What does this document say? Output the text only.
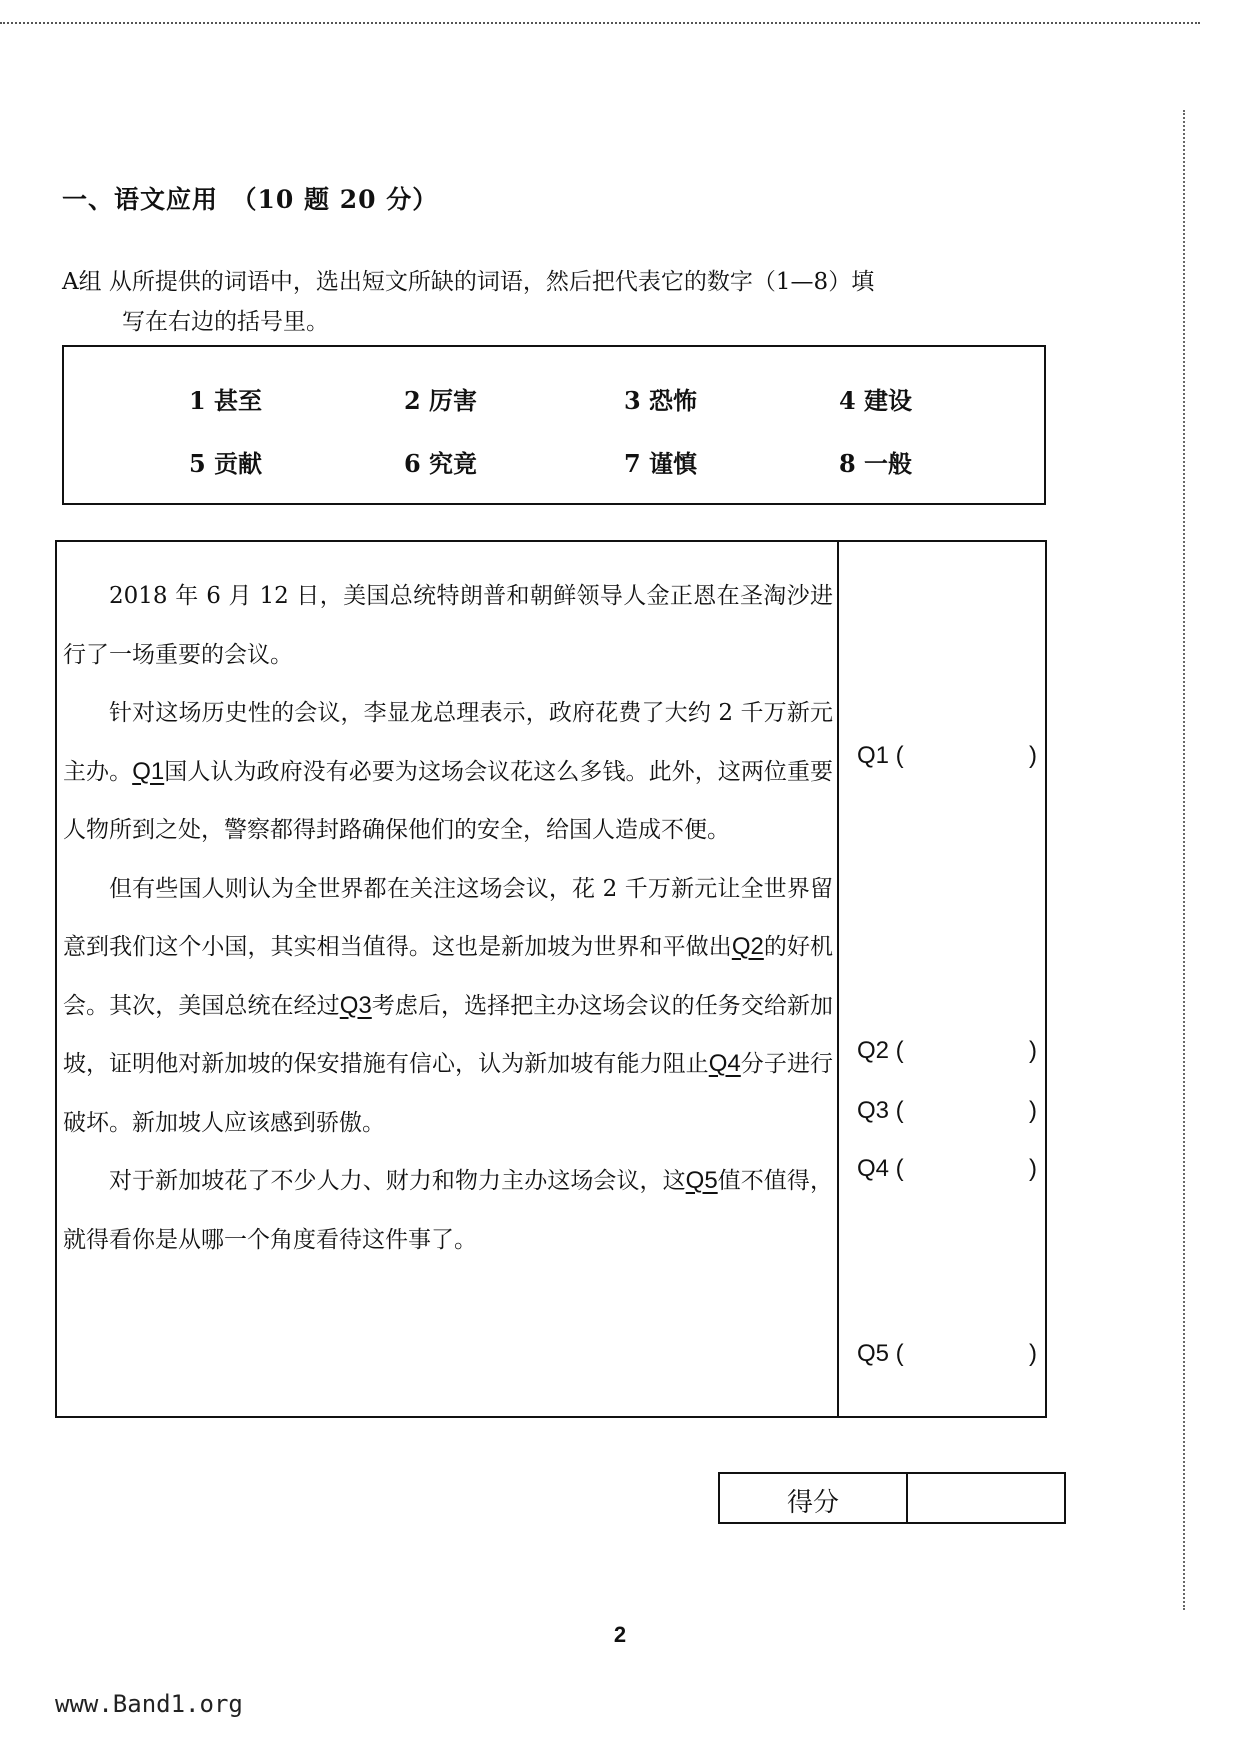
一、语文应用　（10 题 20 分）
A组 从所提供的词语中，选出短文所缺的词语，然后把代表它的数字（1—8）填
写在右边的括号里。
1 甚至	2 厉害	3 恐怖	4 建设
5 贡献	6 究竟	7 谨慎	8 一般

2018 年 6 月 12 日，美国总统特朗普和朝鲜领导人金正恩在圣淘沙进行了一场重要的会议。

针对这场历史性的会议，李显龙总理表示，政府花费了大约 2 千万新元主办。Q1国人认为政府没有必要为这场会议花这么多钱。此外，这两位重要人物所到之处，警察都得封路确保他们的安全，给国人造成不便。

但有些国人则认为全世界都在关注这场会议，花 2 千万新元让全世界留意到我们这个小国，其实相当值得。这也是新加坡为世界和平做出Q2的好机会。其次，美国总统在经过Q3考虑后，选择把主办这场会议的任务交给新加坡，证明他对新加坡的保安措施有信心，认为新加坡有能力阻止Q4分子进行破坏。新加坡人应该感到骄傲。

对于新加坡花了不少人力、财力和物力主办这场会议，这Q5值不值得，就得看你是从哪一个角度看待这件事了。

Q1 (	)
Q2 (	)
Q3 (	)
Q4 (	)
Q5 (	)
得分
2
www.Band1.org
